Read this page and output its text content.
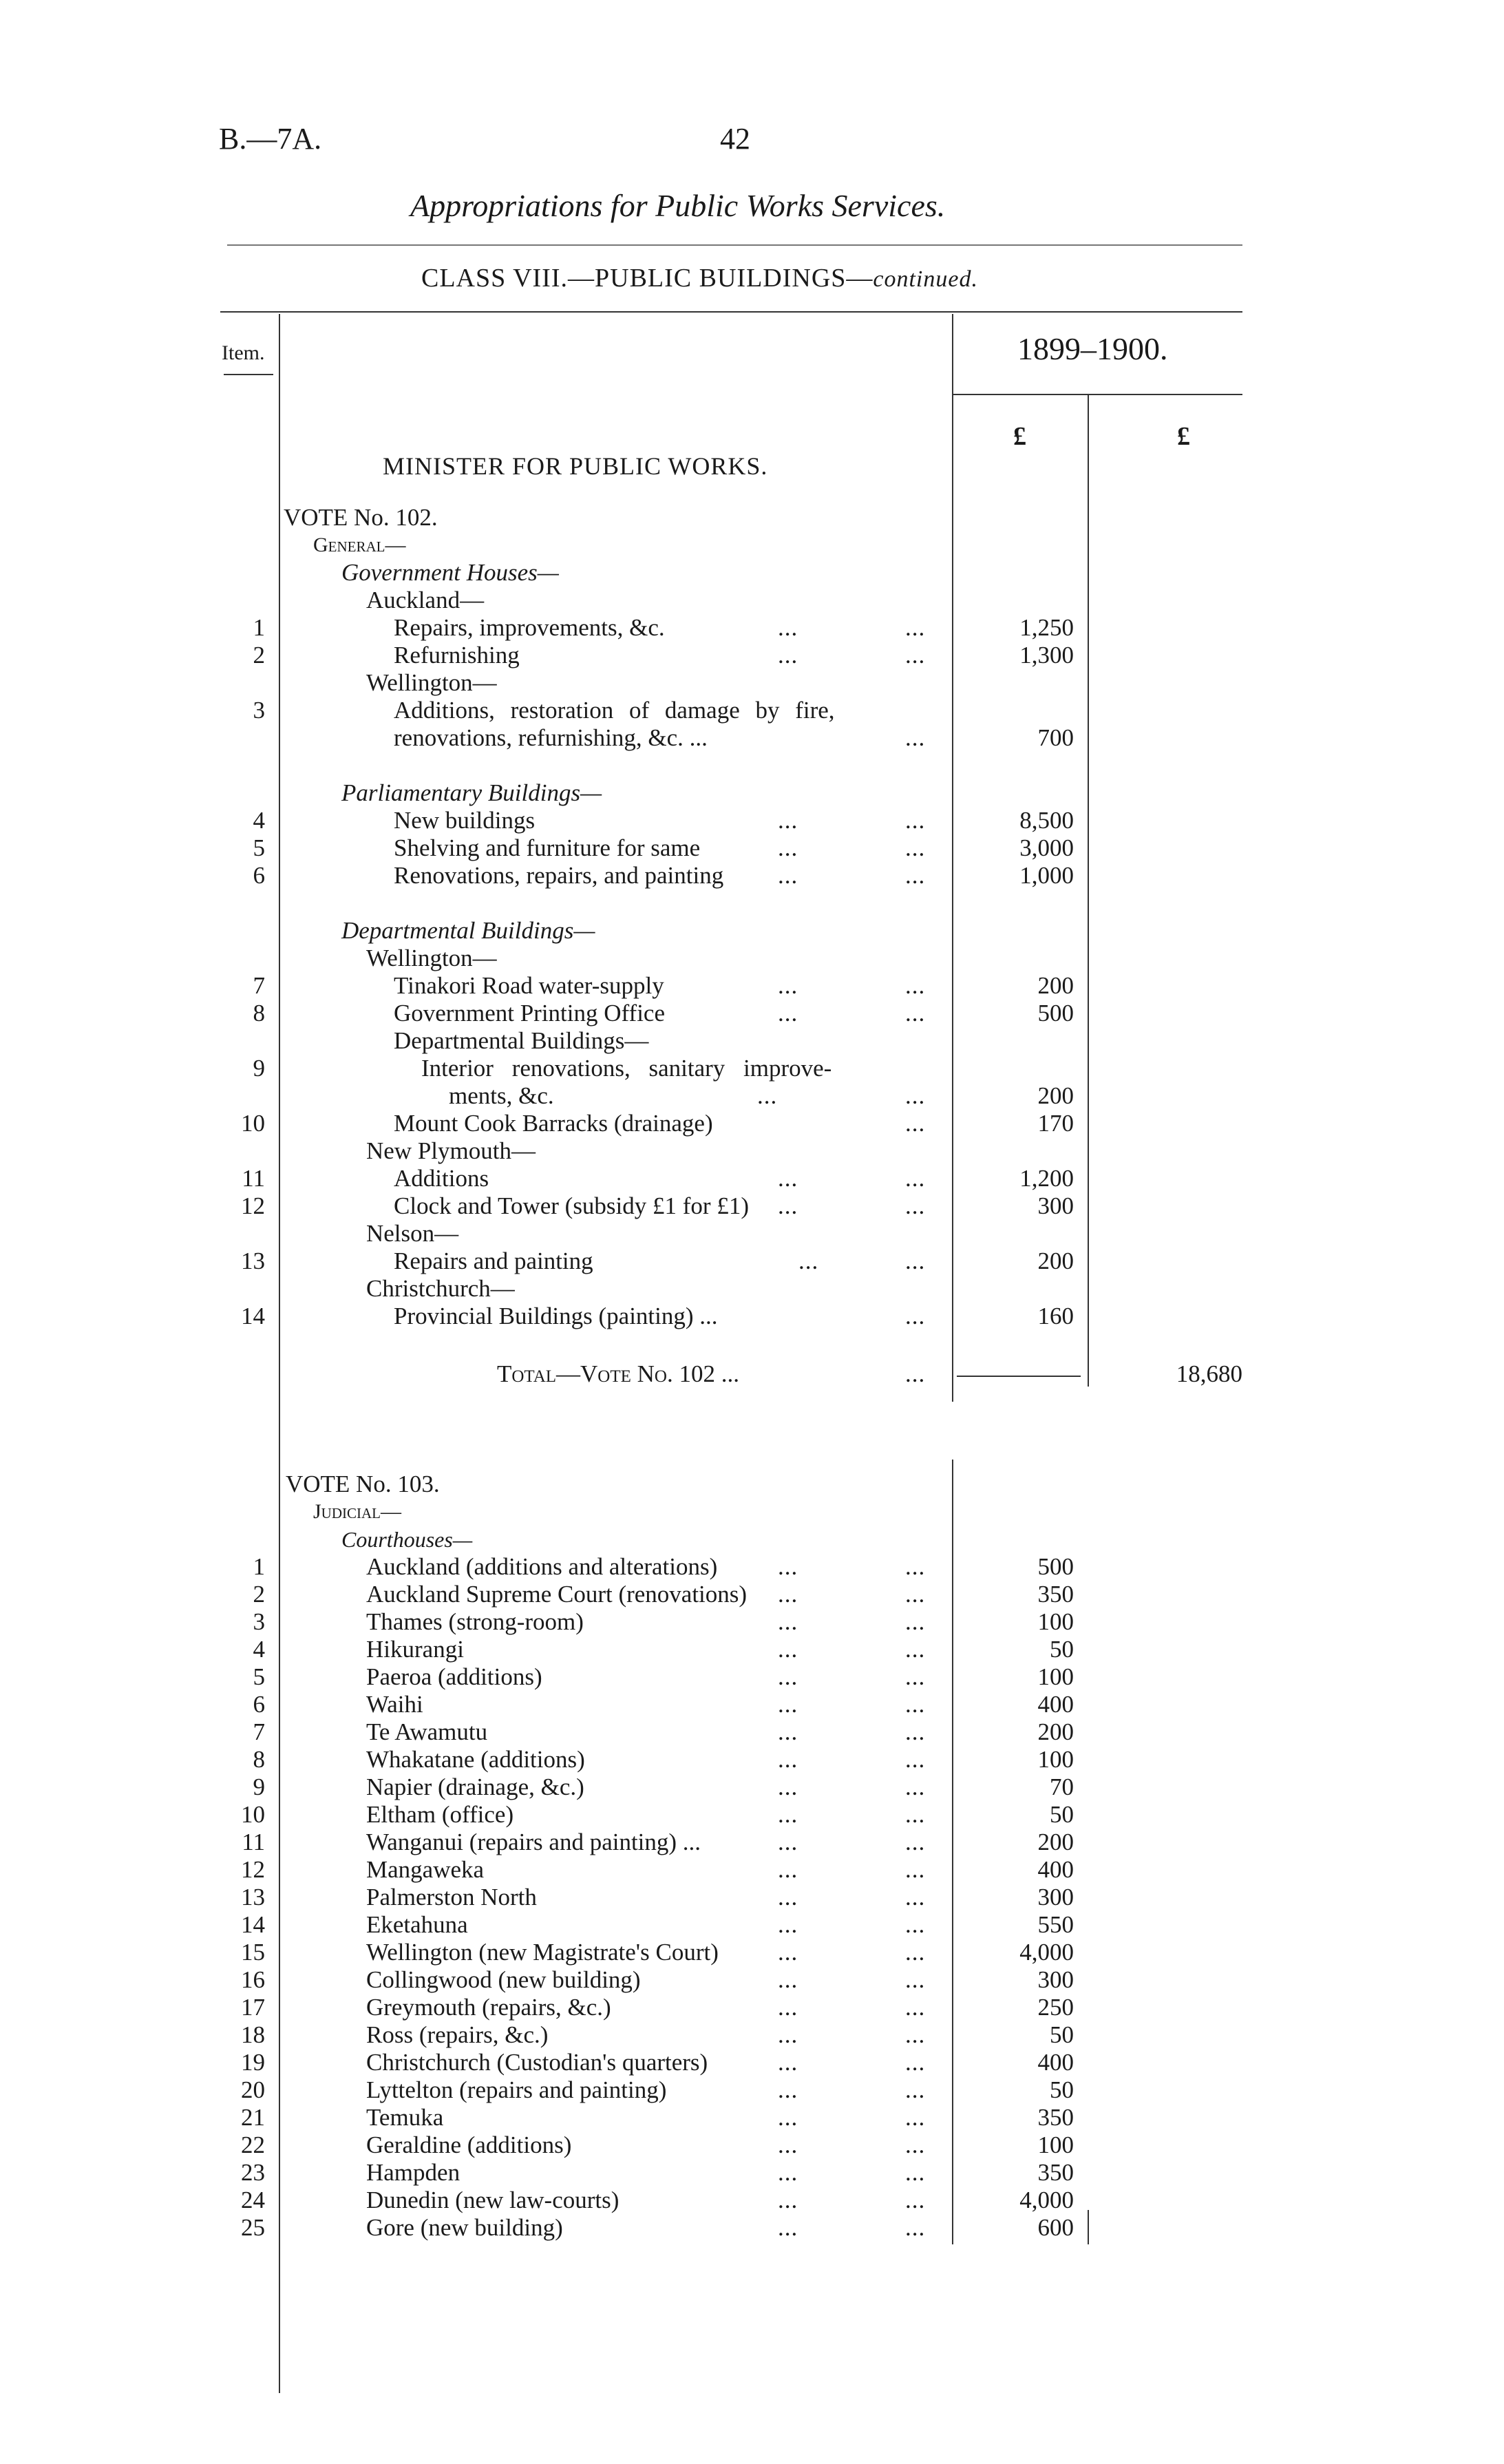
B.—7A.	42
Appropriations for Public Works Services.
CLASS VIII.—PUBLIC BUILDINGS—continued.
Item.	1899–1900.
£	£
MINISTER FOR PUBLIC WORKS.
VOTE No. 102.
General—
Government Houses—
Auckland—
1	Repairs, improvements, &c.	...	...	1,250
2	Refurnishing	...	...	1,300
Wellington—
3	Additions, restoration of damage by fire,
renovations, refurnishing, &c. ...	...	700
Parliamentary Buildings—
4	New buildings	...	...	8,500
5	Shelving and furniture for same	...	...	3,000
6	Renovations, repairs, and painting ...	...	1,000
Departmental Buildings—
Wellington—
7	Tinakori Road water-supply	...	...	200
8	Government Printing Office	...	...	500
Departmental Buildings—
9	Interior renovations, sanitary improve-
ments, &c.	...	...	200
10	Mount Cook Barracks (drainage)	...	170
New Plymouth—
11	Additions	...	...	1,200
12	Clock and Tower (subsidy £1 for £1) ...	...	300
Nelson—
13	Repairs and painting	...	...	200
Christchurch—
14	Provincial Buildings (painting) ...	...	160
Total—Vote No. 102 ...	...	18,680
VOTE No. 103.
Judicial—
Courthouses—
1	Auckland (additions and alterations)	...	...	500
2	Auckland Supreme Court (renovations) ...	...	350
3	Thames (strong-room)	...	...	100
4	Hikurangi	...	...	50
5	Paeroa (additions)	...	...	100
6	Waihi	...	...	400
7	Te Awamutu	...	...	200
8	Whakatane (additions)	...	...	100
9	Napier (drainage, &c.)	...	...	70
10	Eltham (office)	...	...	50
11	Wanganui (repairs and painting) ...	...	...	200
12	Mangaweka	...	...	400
13	Palmerston North	...	...	300
14	Eketahuna	...	...	550
15	Wellington (new Magistrate's Court) ...	...	4,000
16	Collingwood (new building)	...	...	300
17	Greymouth (repairs, &c.)	...	...	250
18	Ross (repairs, &c.)	...	...	50
19	Christchurch (Custodian's quarters)	...	...	400
20	Lyttelton (repairs and painting)	...	...	50
21	Temuka	...	...	350
22	Geraldine (additions)	...	...	100
23	Hampden	...	...	350
24	Dunedin (new law-courts)	...	...	4,000
25	Gore (new building)	...	...	600
